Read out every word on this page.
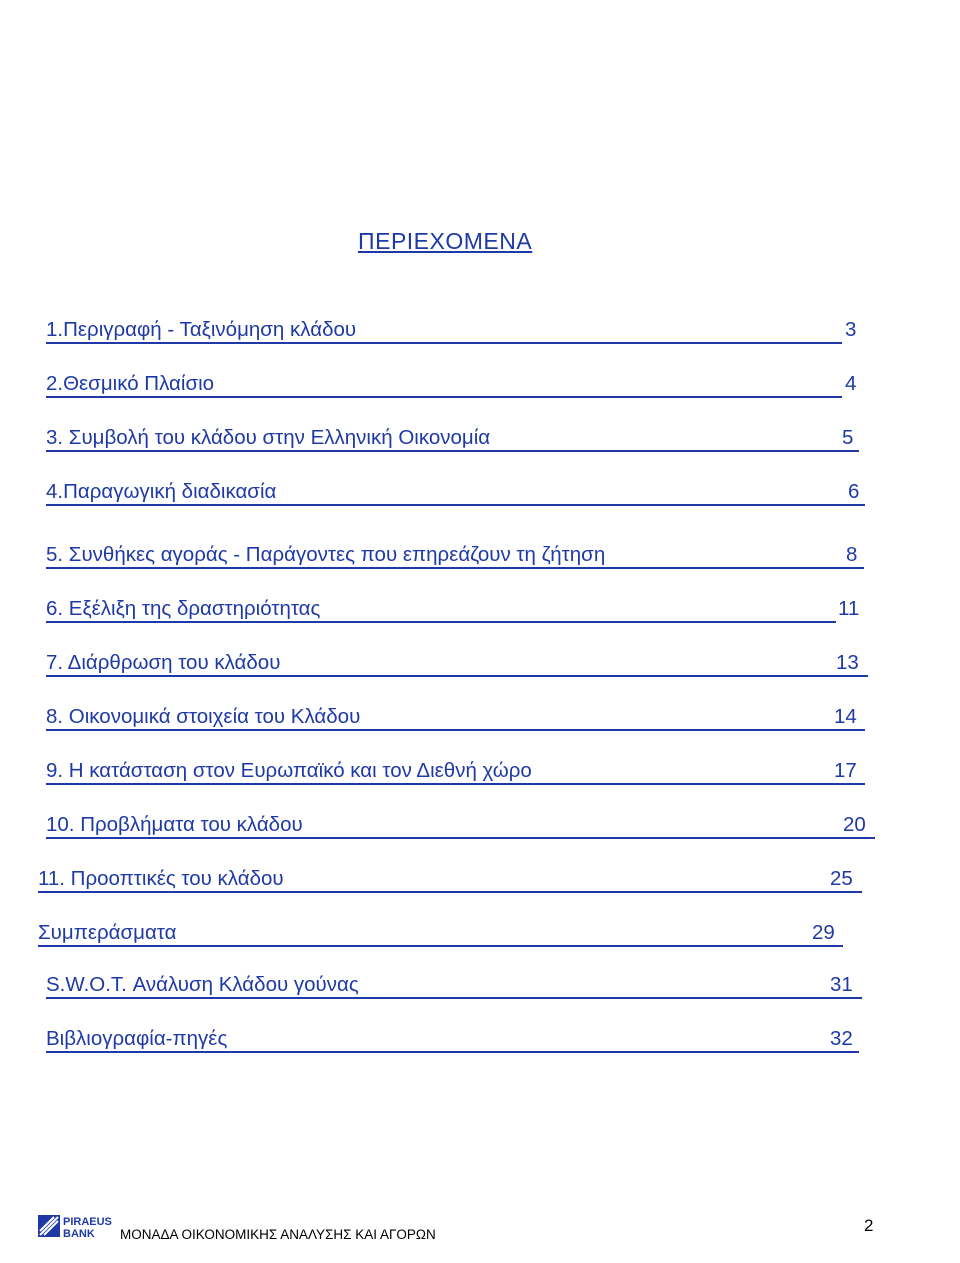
ΠΕΡΙΕΧΟΜΕΝΑ
1.Περιγραφή - Ταξινόμηση κλάδου	3
2.Θεσμικό Πλαίσιο	4
3. Συμβολή του κλάδου στην Ελληνική Οικονομία	5
4.Παραγωγική διαδικασία	6
5. Συνθήκες αγοράς - Παράγοντες που επηρεάζουν τη ζήτηση	8
6. Εξέλιξη της δραστηριότητας	11
7. Διάρθρωση του κλάδου	13
8. Οικονομικά στοιχεία του Κλάδου	14
9. Η κατάσταση στον Ευρωπαϊκό και τον Διεθνή χώρο	17
10. Προβλήματα του κλάδου	20
11. Προοπτικές του κλάδου	25
Συμπεράσματα	29
S.W.O.T. Ανάλυση Κλάδου γούνας	31
Βιβλιογραφία-πηγές	32
PIRAEUS
BANK ΜΟΝΑΔΑ ΟΙΚΟΝΟΜΙΚΗΣ ΑΝΑΛΥΣΗΣ ΚΑΙ ΑΓΟΡΩΝ	2
